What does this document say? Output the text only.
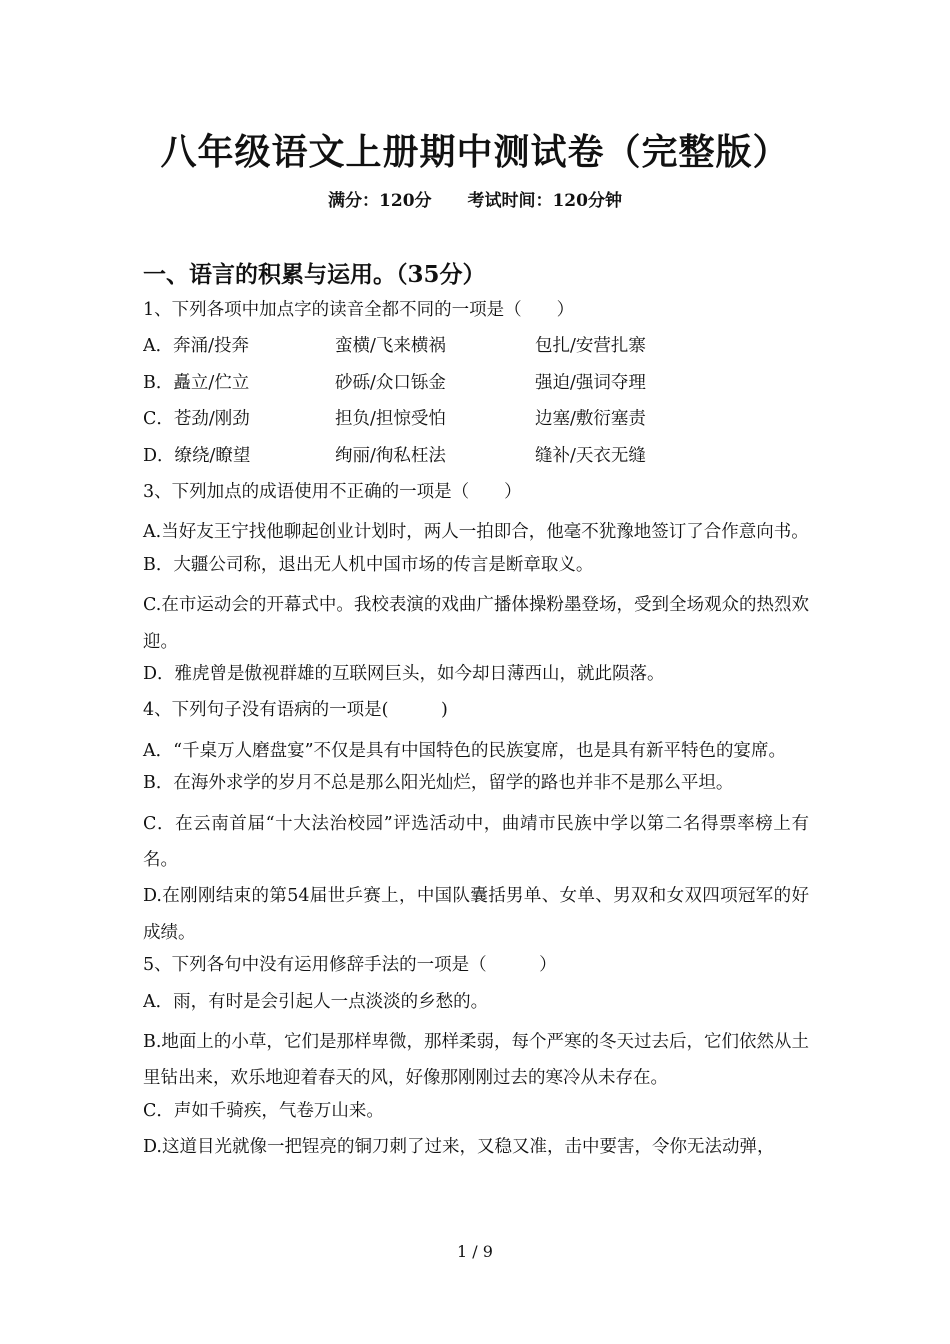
八年级语文上册期中测试卷（完整版）
满分：120分 考试时间：120分钟
一、语言的积累与运用。（35分）
1、下列各项中加点字的读音全都不同的一项是（　　）
A．奔涌/投奔	蛮横/飞来横祸	包扎/安营扎寨
B．矗立/伫立	砂砾/众口铄金	强迫/强词夺理
C．苍劲/刚劲	担负/担惊受怕	边塞/敷衍塞责
D．缭绕/瞭望	绚丽/徇私枉法	缝补/天衣无缝
3、下列加点的成语使用不正确的一项是（　　）
A.当好友王宁找他聊起创业计划时，两人一拍即合，他毫不犹豫地签订了合作意向书。
B．大疆公司称，退出无人机中国市场的传言是断章取义。
C.在市运动会的开幕式中。我校表演的戏曲广播体操粉墨登场，受到全场观众的热烈欢迎。
D．雅虎曾是傲视群雄的互联网巨头，如今却日薄西山，就此陨落。
4、下列句子没有语病的一项是(　　　)
A．“千桌万人磨盘宴”不仅是具有中国特色的民族宴席，也是具有新平特色的宴席。
B．在海外求学的岁月不总是那么阳光灿烂，留学的路也并非不是那么平坦。
C．在云南首届“十大法治校园”评选活动中，曲靖市民族中学以第二名得票率榜上有名。
D.在刚刚结束的第54届世乒赛上，中国队囊括男单、女单、男双和女双四项冠军的好成绩。
5、下列各句中没有运用修辞手法的一项是（　　　）
A．雨，有时是会引起人一点淡淡的乡愁的。
B.地面上的小草，它们是那样卑微，那样柔弱，每个严寒的冬天过去后，它们依然从土里钻出来，欢乐地迎着春天的风，好像那刚刚过去的寒冷从未存在。
C．声如千骑疾，气卷万山来。
D.这道目光就像一把锃亮的铜刀刺了过来，又稳又准，击中要害，令你无法动弹，
1 / 9
